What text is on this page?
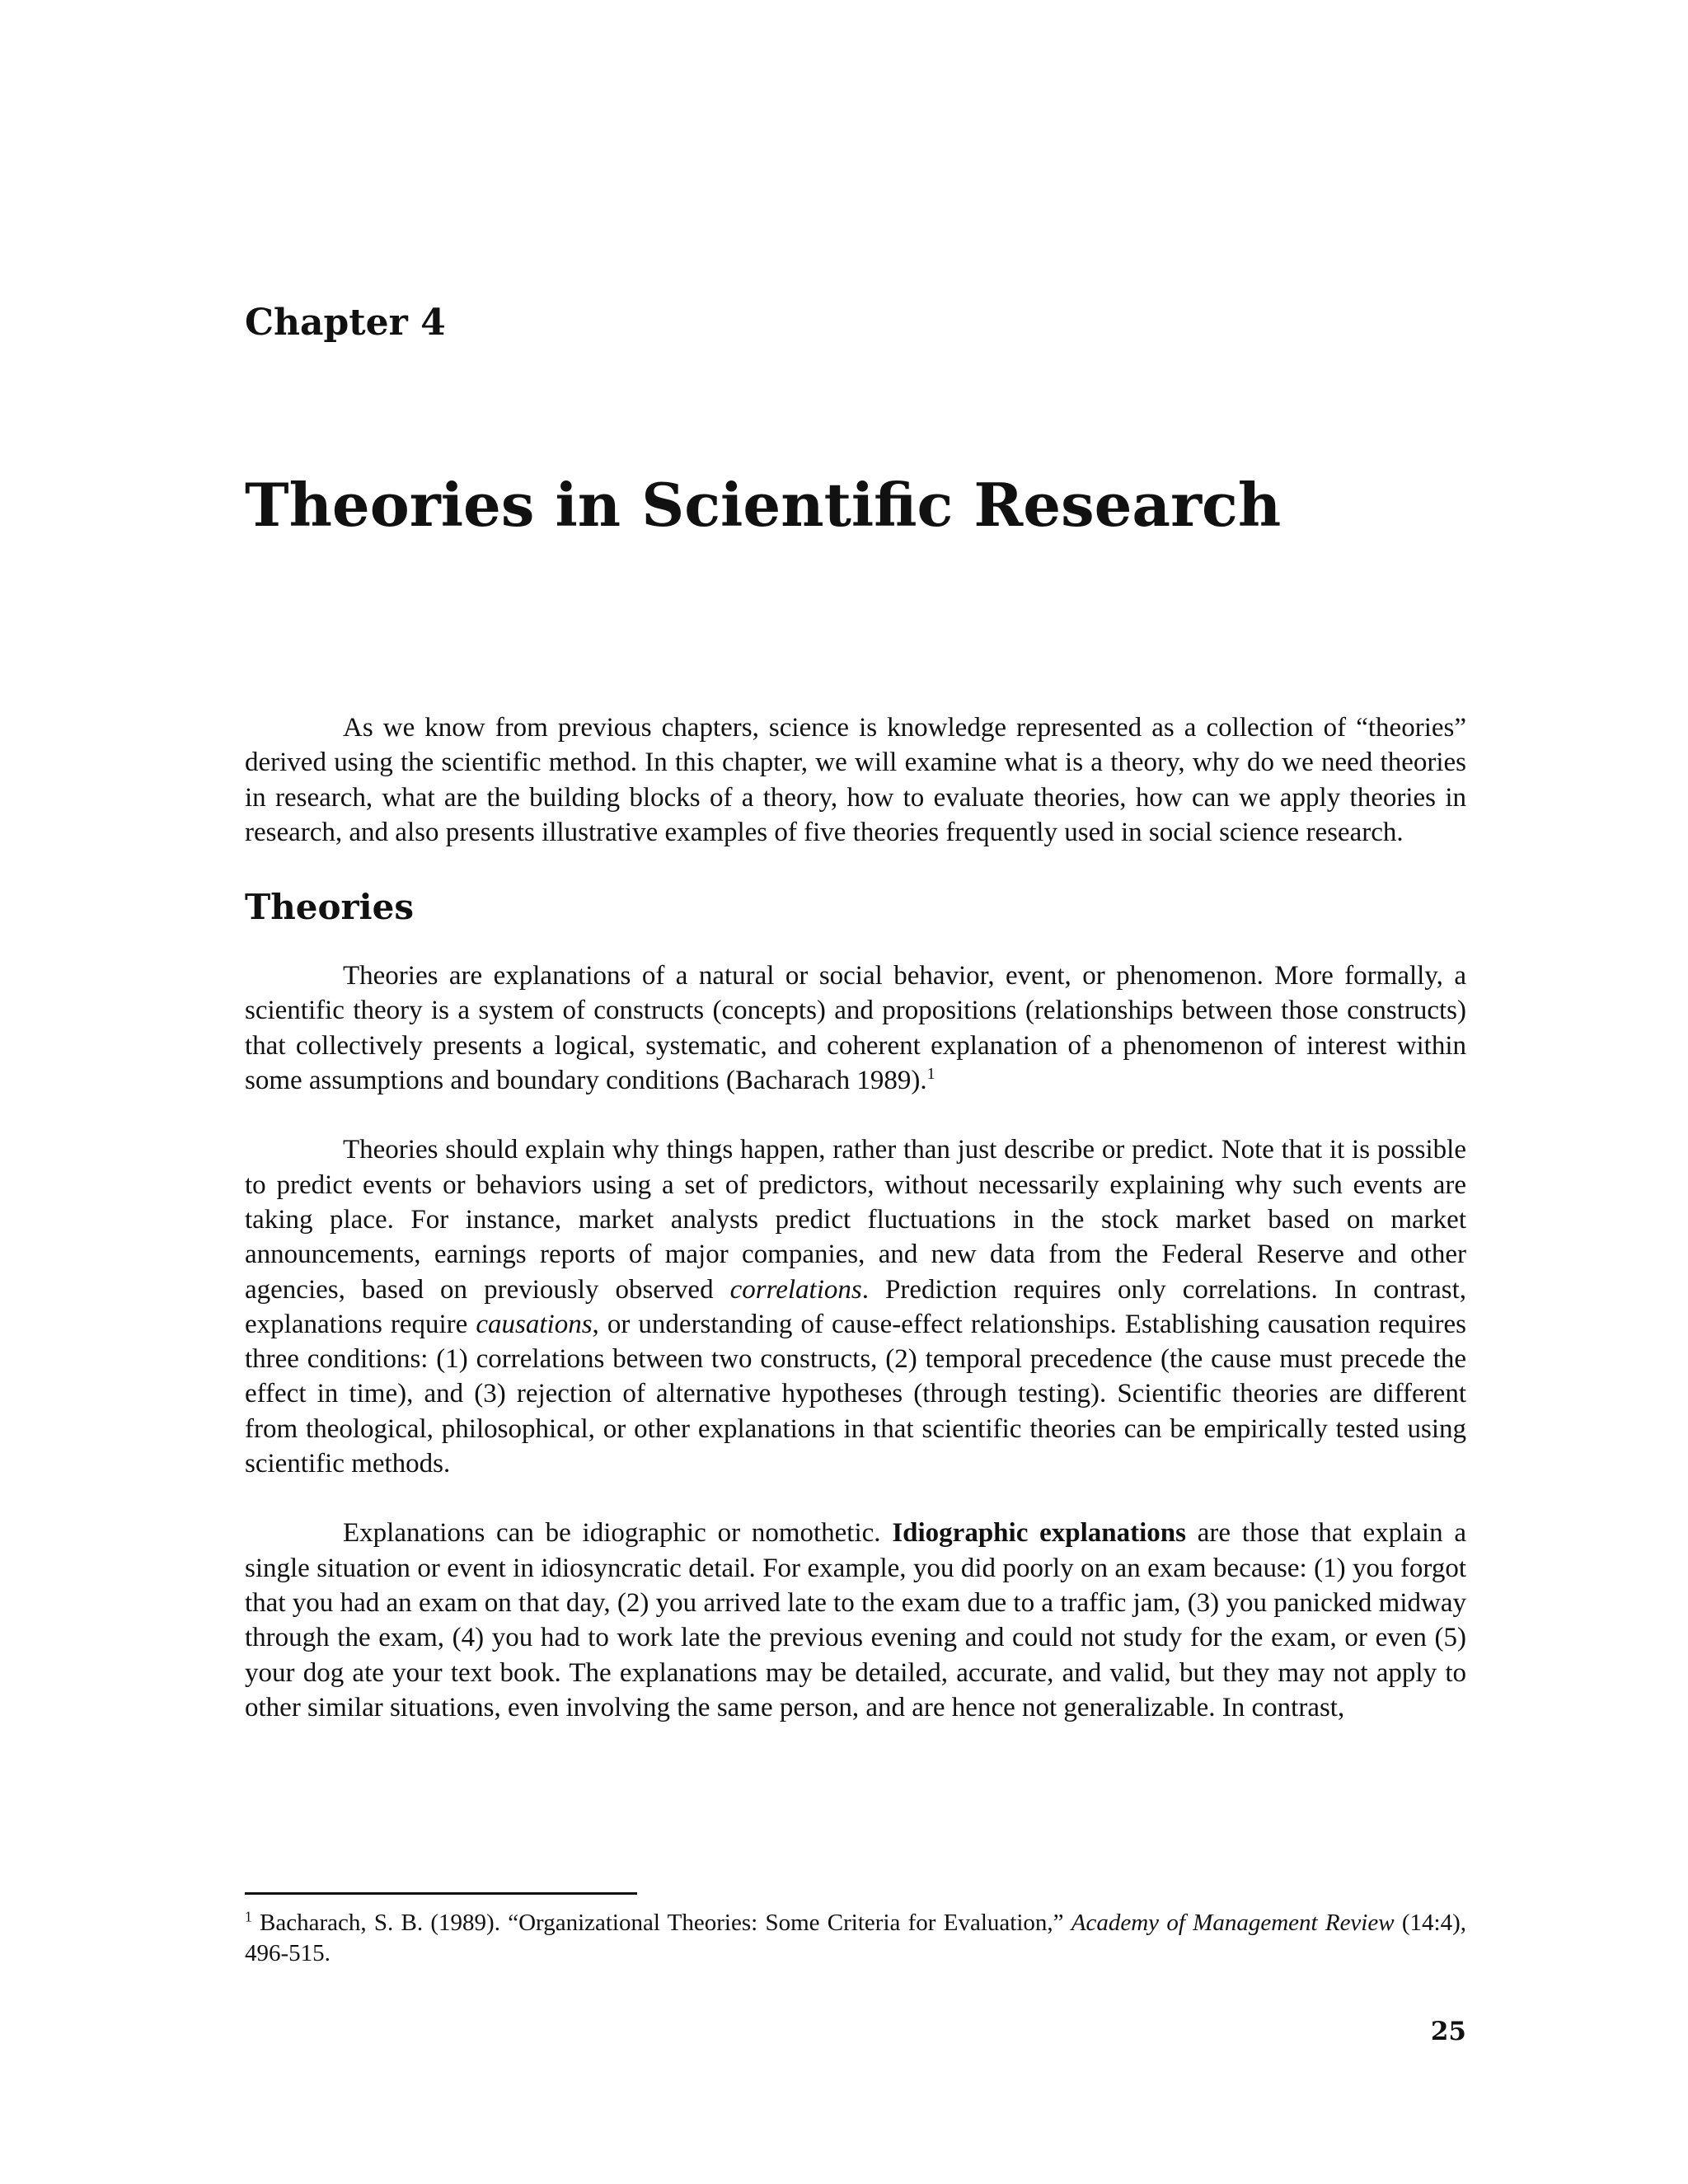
Chapter 4
Theories in Scientific Research

As we know from previous chapters, science is knowledge represented as a collection of “theories” derived using the scientific method. In this chapter, we will examine what is a theory, why do we need theories in research, what are the building blocks of a theory, how to evaluate theories, how can we apply theories in research, and also presents illustrative examples of five theories frequently used in social science research.

Theories

Theories are explanations of a natural or social behavior, event, or phenomenon. More formally, a scientific theory is a system of constructs (concepts) and propositions (relationships between those constructs) that collectively presents a logical, systematic, and coherent explanation of a phenomenon of interest within some assumptions and boundary conditions (Bacharach 1989).$^1$

Theories should explain why things happen, rather than just describe or predict. Note that it is possible to predict events or behaviors using a set of predictors, without necessarily explaining why such events are taking place. For instance, market analysts predict fluctuations in the stock market based on market announcements, earnings reports of major companies, and new data from the Federal Reserve and other agencies, based on previously observed correlations. Prediction requires only correlations. In contrast, explanations require causations, or understanding of cause-effect relationships. Establishing causation requires three conditions: (1) correlations between two constructs, (2) temporal precedence (the cause must precede the effect in time), and (3) rejection of alternative hypotheses (through testing). Scientific theories are different from theological, philosophical, or other explanations in that scientific theories can be empirically tested using scientific methods.

Explanations can be idiographic or nomothetic. Idiographic explanations are those that explain a single situation or event in idiosyncratic detail. For example, you did poorly on an exam because: (1) you forgot that you had an exam on that day, (2) you arrived late to the exam due to a traffic jam, (3) you panicked midway through the exam, (4) you had to work late the previous evening and could not study for the exam, or even (5) your dog ate your text book. The explanations may be detailed, accurate, and valid, but they may not apply to other similar situations, even involving the same person, and are hence not generalizable. In contrast,

$^1$ Bacharach, S. B. (1989). “Organizational Theories: Some Criteria for Evaluation,” Academy of Management Review (14:4), 496-515.

25
